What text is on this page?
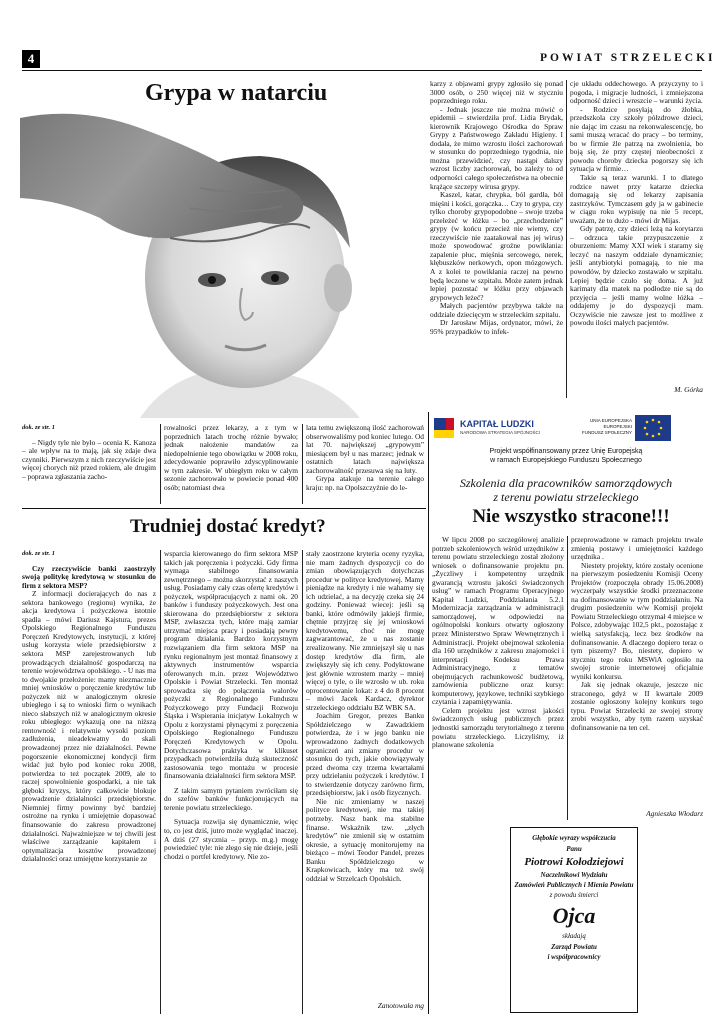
4	POWIAT STRZELECKI
Grypa w natarciu	karzy z objawami grypy zgłosiło się ponad 3000 osób, o 250 więcej niż w styczniu poprzedniego roku.

- Jednak jeszcze nie można mówić o epidemii – stwierdziła prof. Lidia Brydak, kierownik Krajowego Ośrodka do Spraw Grypy z Państwowego Zakładu Higieny. I dodała, że mimo wzrostu ilości zachorowań w stosunku do poprzedniego tygodnia, nie można przewidzieć, czy nastąpi dalszy wzrost liczby zachorowań, bo zależy to od odporności całego społeczeństwa na obecnie krążące szczepy wirusa grypy.

Kaszel, katar, chrypka, ból gardła, ból mięśni i kości, gorączka… Czy to grypa, czy tylko choroby grypopodobne – swoje trzeba przeleżeć w łóżku – bo „przechodzenie” grypy (w końcu przecież nie wiemy, czy rzeczywiście nie zaatakował nas jej wirus) może spowodować groźne powikłania: zapalenie płuc, mięśnia sercowego, nerek, kłębuszków nerkowych, opon mózgowych. A z kolei te powikłania raczej na pewno będą leczone w szpitalu. Może zatem jednak lepiej pozostać w łóżku przy objawach grypowych leżeć?

Małych pacjentów przybywa także na oddziale dziecięcym w strzeleckim szpitalu.

Dr Jarosław Mijas, ordynator, mówi, że 95% przypadków to infek-

cje układu oddechowego. A przyczyny to i pogoda, i migracje ludności, i zmniejszona odporność dzieci i wreszcie – warunki życia.

- Rodzice posyłają do żłobka, przedszkola czy szkoły półzdrowe dzieci, nie dając im czasu na rekonwalescencję, bo sami muszą wracać do pracy – bo terminy, bo w firmie źle patrzą na zwolnienia, bo boją się, że przy częstej nieobecności z powodu choroby dziecka pogorszy się ich sytuacja w firmie…

Takie są teraz warunki. I to dlatego rodzice nawet przy katarze dziecka domagają się od lekarzy zapisania zastrzyków. Tymczasem gdy ja w gabinecie w ciągu roku wypisuję na nie 5 recept, uważam, że to dużo - mówi dr Mijas.

Gdy patrzę, czy dzieci leżą na korytarzu – odrzuca takie przypuszczenie z oburzeniem: Mamy XXI wiek i staramy się leczyć na naszym oddziale dynamicznie; jeśli antybiotyki pomagają, to nie ma powodów, by dziecko zostawało w szpitalu. Lepiej będzie czuło się doma. A już karimaty dla matek na podłodze nie są do przyjęcia – jeśli mamy wolne łóżka – oddajemy je do dyspozycji mam. Oczywiście nie zawsze jest to możliwe z powodu ilości małych pacjentów.

M. Górka

dok. ze str. 1

– Nigdy tyle nie było – ocenia K. Kanoza – ale wpływ na to mają, jak się zdaje dwa czynniki. Pierwszym z nich rzeczywiście jest więcej chorych niż przed rokiem, ale drugim – poprawa zgłaszania zacho-

rowalności przez lekarzy, a z tym w poprzednich latach trochę różnie bywało; jednak nałożenie mandatów za niedopełnienie tego obowiązku w 2008 roku, zdecydowanie poprawiło zdyscyplinowanie w tym zakresie. W ubiegłym roku w całym sezonie zachorowało w powiecie ponad 400 osób; natomiast dwa

lata temu zwiększoną ilość zachorowań obserwowaliśmy pod koniec lutego. Od lat 70. największej „grypowym” miesiącem był u nas marzec; jednak w ostatnich latach największa zachorowalność przesuwa się na luty.

Grypa atakuje na terenie całego kraju: np. na Opolszczyźnie do le-

Trudniej dostać kredyt?
dok. ze str. 1

Czy rzeczywiście banki zaostrzyły swoją politykę kredytową w stosunku do firm z sektora MSP?

Z informacji docierających do nas z sektora bankowego (regionu) wynika, że akcja kredytowa i pożyczkowa istotnie spadła – mówi Dariusz Kajstura, prezes Opolskiego Regionalnego Funduszu Poręczeń Kredytowych, instytucji, z której usług korzysta wiele przedsiębiorstw z sektora MSP zarejestrowanych lub prowadzących działalność gospodarczą na terenie województwa opolskiego. - U nas ma to dwojakie przełożenie: mamy niezmacznie mniej wniosków o poręczenie kredytów lub pożyczek niż w analogicznym okresie ubiegłego i są to wnioski firm o wynikach nieco słabszych niż w analogicznym okresie roku ubiegłego: wykazują one na niższą rentowność i relatywnie wysoki poziom zadłużenia, nieadekwatny do skali prowadzonej przez nie działalności. Pewne pogorszenie ekonomicznej kondycji firm widać już było pod koniec roku 2008, potwierdza to też początek 2009, ale to raczej spowolnienie gospodarki, a nie tak głęboki kryzys, który całkowicie blokuje prowadzenie działalności przedsiębiorstw. Niemniej firmy powinny być bardziej ostrożne na rynku i umiejętnie dopasować finansowanie do zakresu prowadzonej działalności. Najważniejsze w tej chwili jest właściwe zarządzanie kapitałem i optymalizacja kosztów prowadzonej działalności oraz umiejętne korzystanie ze

wsparcia kierowanego do firm sektora MSP takich jak poręczenia i pożyczki. Gdy firma wymaga stabilnego finansowania zewnętrznego – można skorzystać z naszych usług. Posiadamy cały czas ofertę kredytów i pożyczek, współpracujących z nami ok. 20 banków i funduszy pożyczkowych. Jest ona skierowana do przedsiębiorstw z sektora MSP, zwłaszcza tych, które mają zamiar utrzymać miejsca pracy i posiadają pewny program działania. Bardzo korzystnym rozwiązaniem dla firm sektora MSP na rynku regionalnym jest montaż finansowy z aktywnych instrumentów wsparcia oferowanych m.in. przez Województwo Opolskie i Powiat Strzelecki. Ten montaż sprowadza się do połączenia walorów pożyczki z Regionalnego Funduszu Pożyczkowego przy Fundacji Rozwoju Śląska i Wspierania inicjatyw Lokalnych w Opolu z korzystami płynącymi z poręczenia Opolskiego Regionalnego Funduszu Poręczeń Kredytowych w Opolu. Dotychczasowa praktyka w klikuset przypadkach potwierdziła dużą skuteczność zastosowania tego montażu w procesie finansowania działalności firm sektora MSP.

Z takim samym pytaniem zwróciłam się do szefów banków funkcjonujących na terenie powiatu strzeleckiego.

Sytuacja rozwija się dynamicznie, więc to, co jest dziś, jutro może wyglądać inaczej. A dziś (27 stycznia – przyp. m.g.) mogę powiedzieć tyle: nie złego się nie dzieje, jeśli chodzi o portfel kredytowy. Nie zo-

stały zaostrzone kryteria oceny ryzyka, nie mam żadnych dyspozycji co do zmian obowiązujących dotychczas procedur w polityce kredytowej. Mamy pieniądze na kredyty i nie wahamy się ich udzielać, a na decyzję czeka się 24 godziny. Ponieważ wiecej: jeśli są banki, które odmówiły jakiejś firmie, chętnie przyjrzę się jej wnioskowi kredytowemu, choć nie mogę zagwarantować, że u nas zostanie zrealizowany. Nie zmniejszył się u nas dostęp kredytów dla firm, ale zwiększyły się ich ceny. Podyktowane jest głównie wzrostem marży – mniej więcej o tyle, o ile wzrosło w ub. roku oprocentowanie lokat: z 4 do 8 procent – mówi Jacek Kardacz, dyrektor strzeleckiego oddziału BZ WBK SA.

Joachim Gregor, prezes Banku Spółdzielczego w Zawadzkiem potwierdza, że i w jego banku nie wprowadzono żadnych dodatkowych ograniczeń ani zmiany procedur w stosunku do tych, jakie obowiązywały przed dwoma czy trzema kwartałami przy udzielaniu pożyczek i kredytów. I to stwierdzenie dotyczy zarówno firm, przedsiębiorstw, jak i osób fizycznych.

Nie nic zmieniamy w naszej polityce kredytowej, nie ma takiej potrzeby. Nasz bank ma stabilne finanse. Wskaźnik tzw. „złych kredytów” nie zmienił się w ostatnim okresie, a sytuację monitorujemy na bieżąco – mówi Teodor Pandel, prezes Banku Spółdzielczego w Krapkowicach, który ma też swój oddział w Strzelcach Opolskich.

Zanotowała mg

KAPITAŁ LUDZKI
NARODOWA STRATEGIA SPÓJNOŚCI
UNIA EUROPEJSKA
EUROPEJSKI
FUNDUSZ SPOŁECZNY
Projekt współfinansowany przez Unię Europejską
w ramach Europejskiego Funduszu Społecznego
Szkolenia dla pracowników samorządowych
z terenu powiatu strzeleckiego
Nie wszystko stracone!!!

W lipcu 2008 po szczegółowej analizie potrzeb szkoleniowych wśród urzędników z terenu powiatu strzeleckiego został złożony wniosek o dofinansowanie projektu pn. „Życzliwy i kompetentny urzędnik gwarancją wzrostu jakości świadczonych usług” w ramach Programu Operacyjnego Kapitał Ludzki, Poddziałania 5.2.1 Modernizacja zarządzania w administracji samorządowej, w odpowiedzi na ogólnopolski konkurs otwarty ogłoszony przez Ministerstwo Spraw Wewnętrznych i Administracji. Projekt obejmował szkolenia dla 160 urzędników z zakresu znajomości i interpretacji Kodeksu Prawa Administracyjnego, z tematów obejmujących rachunkowość budżetową, zamówienia publiczne oraz kursy: komputerowy, językowe, techniki szybkiego czytania i zapamiętywania.

Celem projektu jest wzrost jakości świadczonych usług publicznych przez jednostki samorządu terytorialnego z terenu powiatu strzeleckiego. Liczyliśmy, iż planowane szkolenia

przeprowadzone w ramach projektu trwale zmienią postawy i umiejętności każdego urzędnika .

Niestety projekty, które zostały ocenione na pierwszym posiedzeniu Komisji Oceny Projektów (rozpoczęła obrady 15.06.2008) wyczerpały wszystkie środki przeznaczone na dofinansowanie w tym poddziałaniu. Na drugim posiedzeniu w/w Komisji projekt Powiatu Strzeleckiego otrzymał 4 miejsce w Polsce, zdobywając 102,5 pkt., pozostając z wielką satysfakcją, lecz bez środków na dofinansowanie. A dlaczego dopiero teraz o tym piszemy? Bo, niestety, dopiero w styczniu tego roku MSWiA ogłosiło na swojej stronie internetowej oficjalnie wyniki konkursu.

Jak się jednak okazuje, jeszcze nic straconego, gdyż w II kwartale 2009 zostanie ogłoszony kolejny konkurs tego typu. Powiat Strzelecki ze swojej strony zrobi wszystko, aby tym razem uzyskać dofinansowanie na ten cel.

Agnieszka Włodarz

Głębokie wyrazy współczucia
Panu
Piotrowi Kołodziejowi
Naczelnikowi Wydziału
Zamówień Publicznych i Mienia Powiatu
z powodu śmierci
Ojca
składają
Zarząd Powiatu
i współpracownicy
